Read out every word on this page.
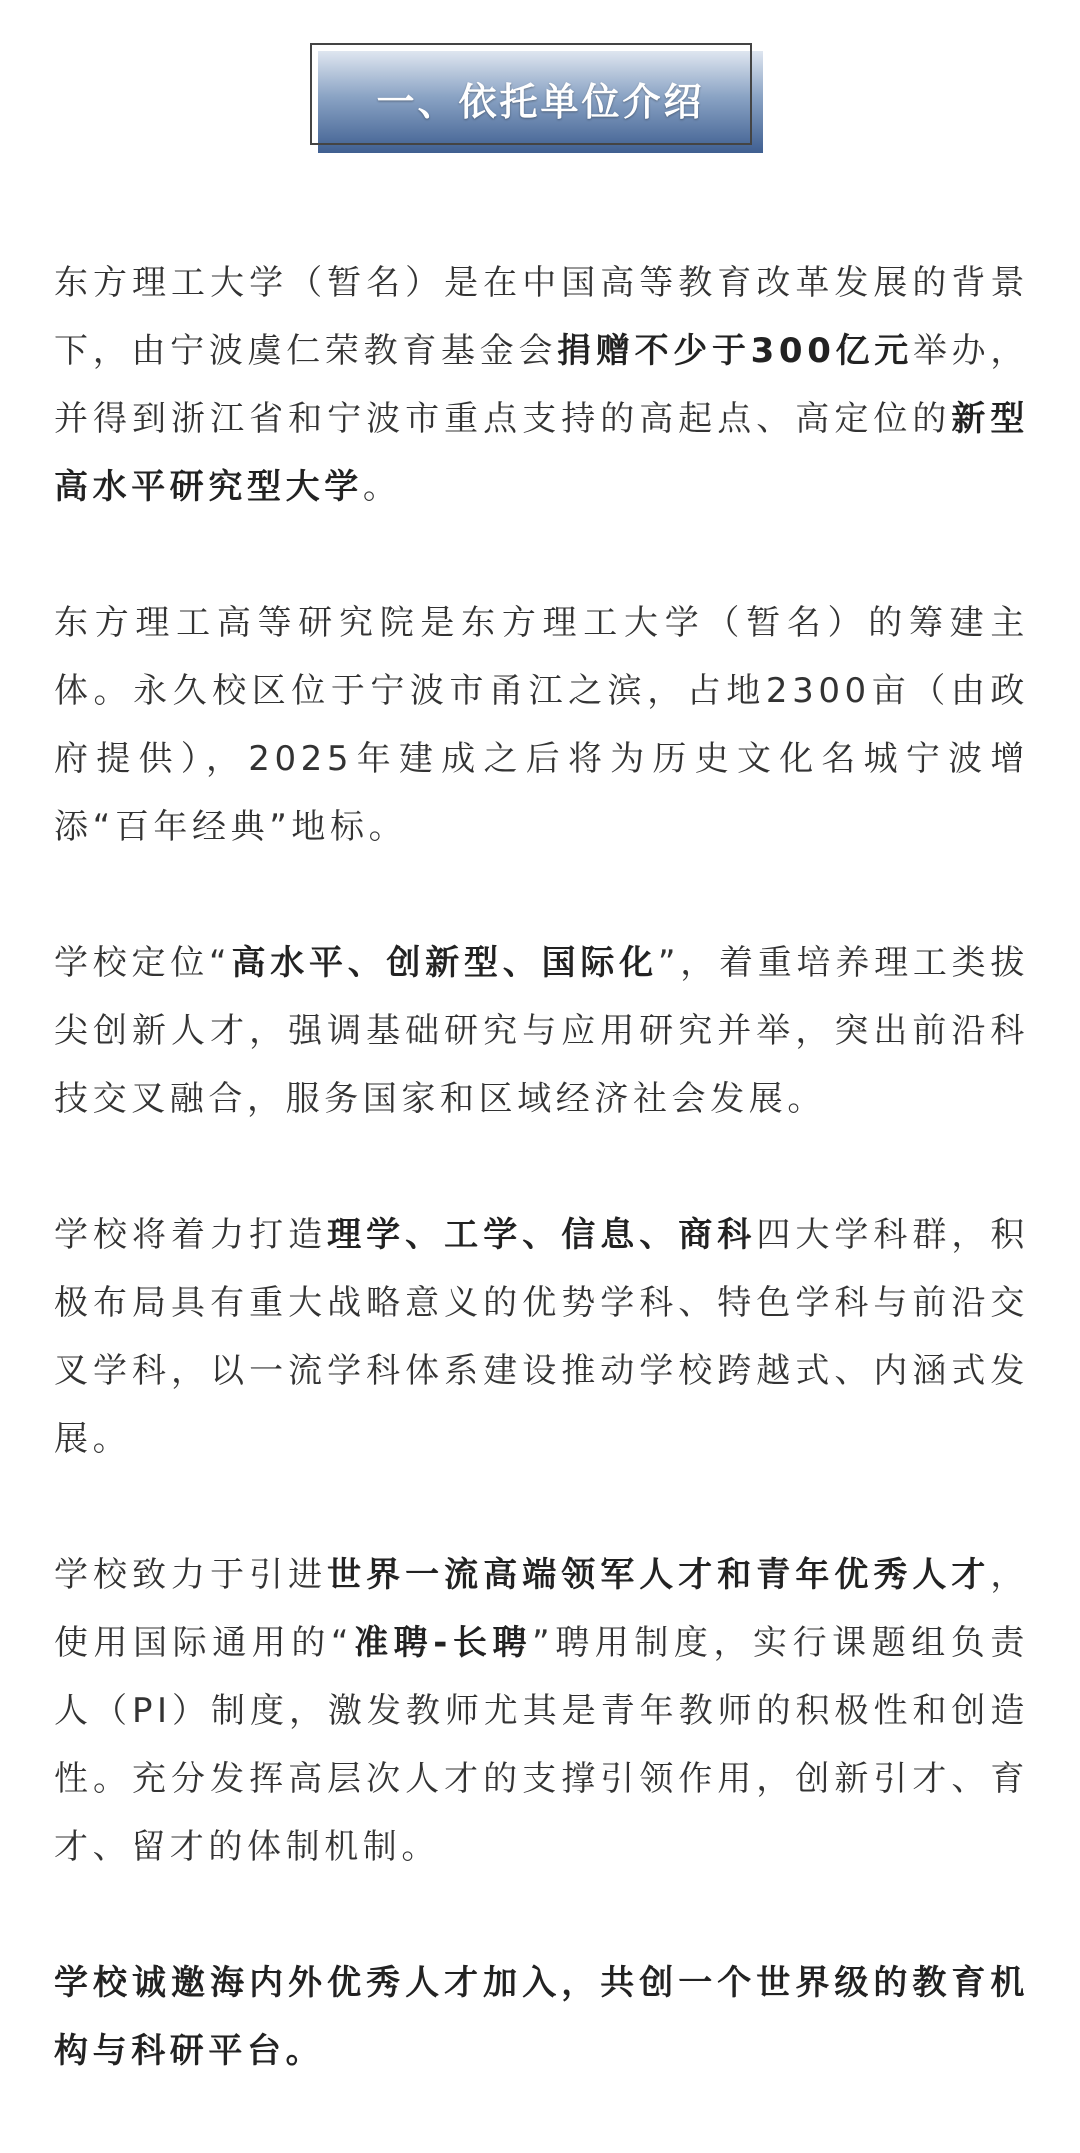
一、依托单位介绍

东方理工大学（暂名）是在中国高等教育改革发展的背景下，由宁波虞仁荣教育基金会捐赠不少于300亿元举办，并得到浙江省和宁波市重点支持的高起点、高定位的新型高水平研究型大学。

东方理工高等研究院是东方理工大学（暂名）的筹建主体。永久校区位于宁波市甬江之滨，占地2300亩（由政府提供），2025年建成之后将为历史文化名城宁波增添“百年经典”地标。

学校定位“高水平、创新型、国际化”，着重培养理工类拔尖创新人才，强调基础研究与应用研究并举，突出前沿科技交叉融合，服务国家和区域经济社会发展。

学校将着力打造理学、工学、信息、商科四大学科群，积极布局具有重大战略意义的优势学科、特色学科与前沿交叉学科，以一流学科体系建设推动学校跨越式、内涵式发展。

学校致力于引进世界一流高端领军人才和青年优秀人才，使用国际通用的“准聘-长聘”聘用制度，实行课题组负责人（PI）制度，激发教师尤其是青年教师的积极性和创造性。充分发挥高层次人才的支撑引领作用，创新引才、育才、留才的体制机制。

学校诚邀海内外优秀人才加入，共创一个世界级的教育机构与科研平台。
